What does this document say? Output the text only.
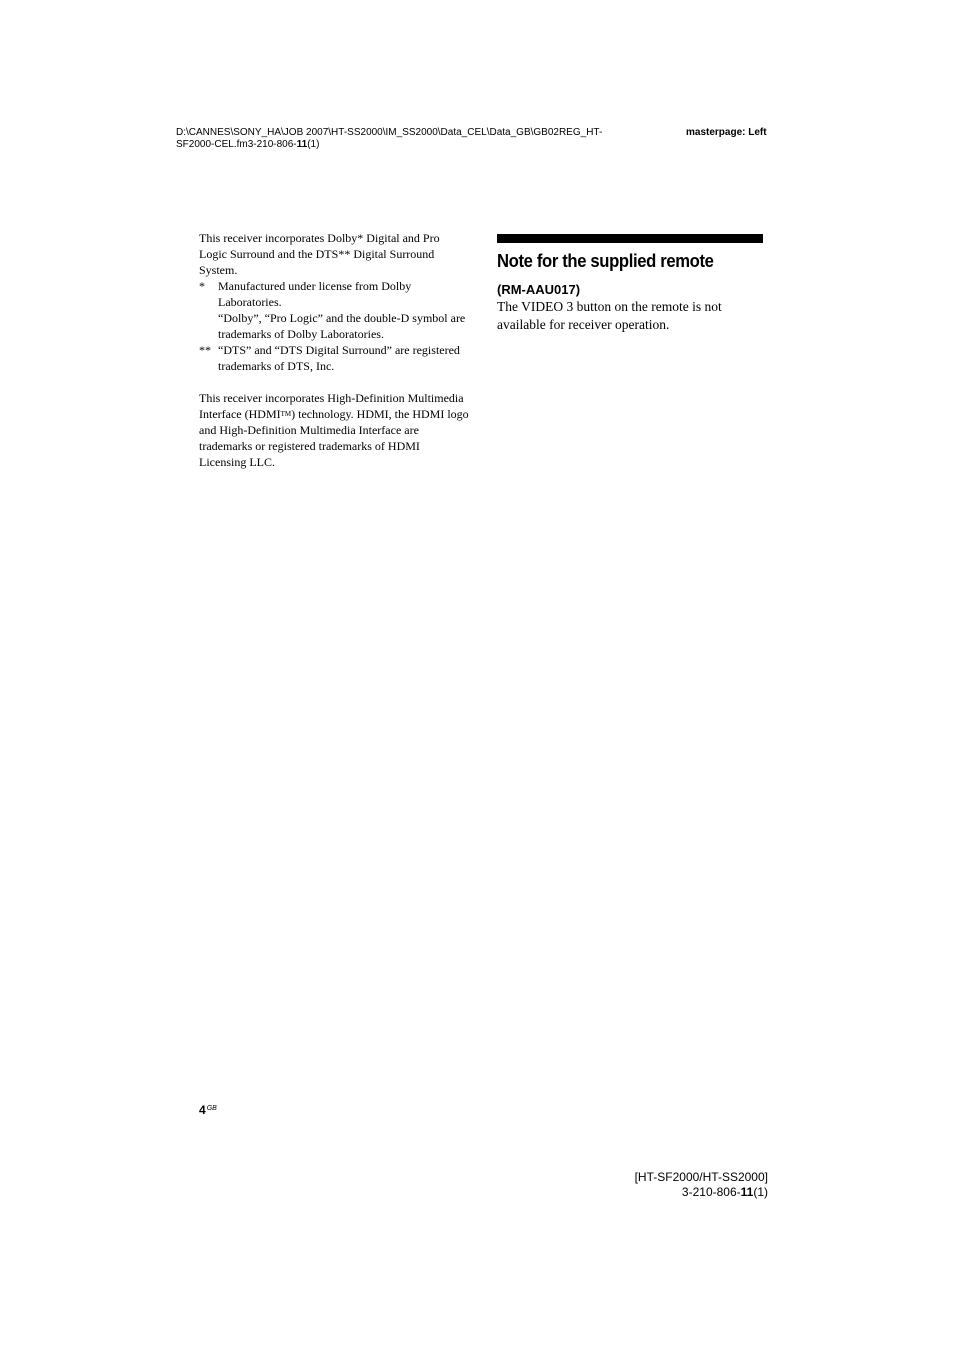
D:\CANNES\SONY_HA\JOB 2007\HT-SS2000\IM_SS2000\Data_CEL\Data_GB\GB02REG_HT-
SF2000-CEL.fm3-210-806-11(1)
masterpage: Left

This receiver incorporates Dolby* Digital and Pro Logic Surround and the DTS** Digital Surround System.

*	Manufactured under license from Dolby Laboratories.
“Dolby”, “Pro Logic” and the double-D symbol are trademarks of Dolby Laboratories.
** “DTS” and “DTS Digital Surround” are registered trademarks of DTS, Inc.

This receiver incorporates High-Definition Multimedia Interface (HDMITM) technology. HDMI, the HDMI logo and High-Definition Multimedia Interface are trademarks or registered trademarks of HDMI Licensing LLC.

Note for the supplied remote
(RM-AAU017)
The VIDEO 3 button on the remote is not available for receiver operation.
$4^{GB}$
[HT-SF2000/HT-SS2000]
3-210-806-11(1)
